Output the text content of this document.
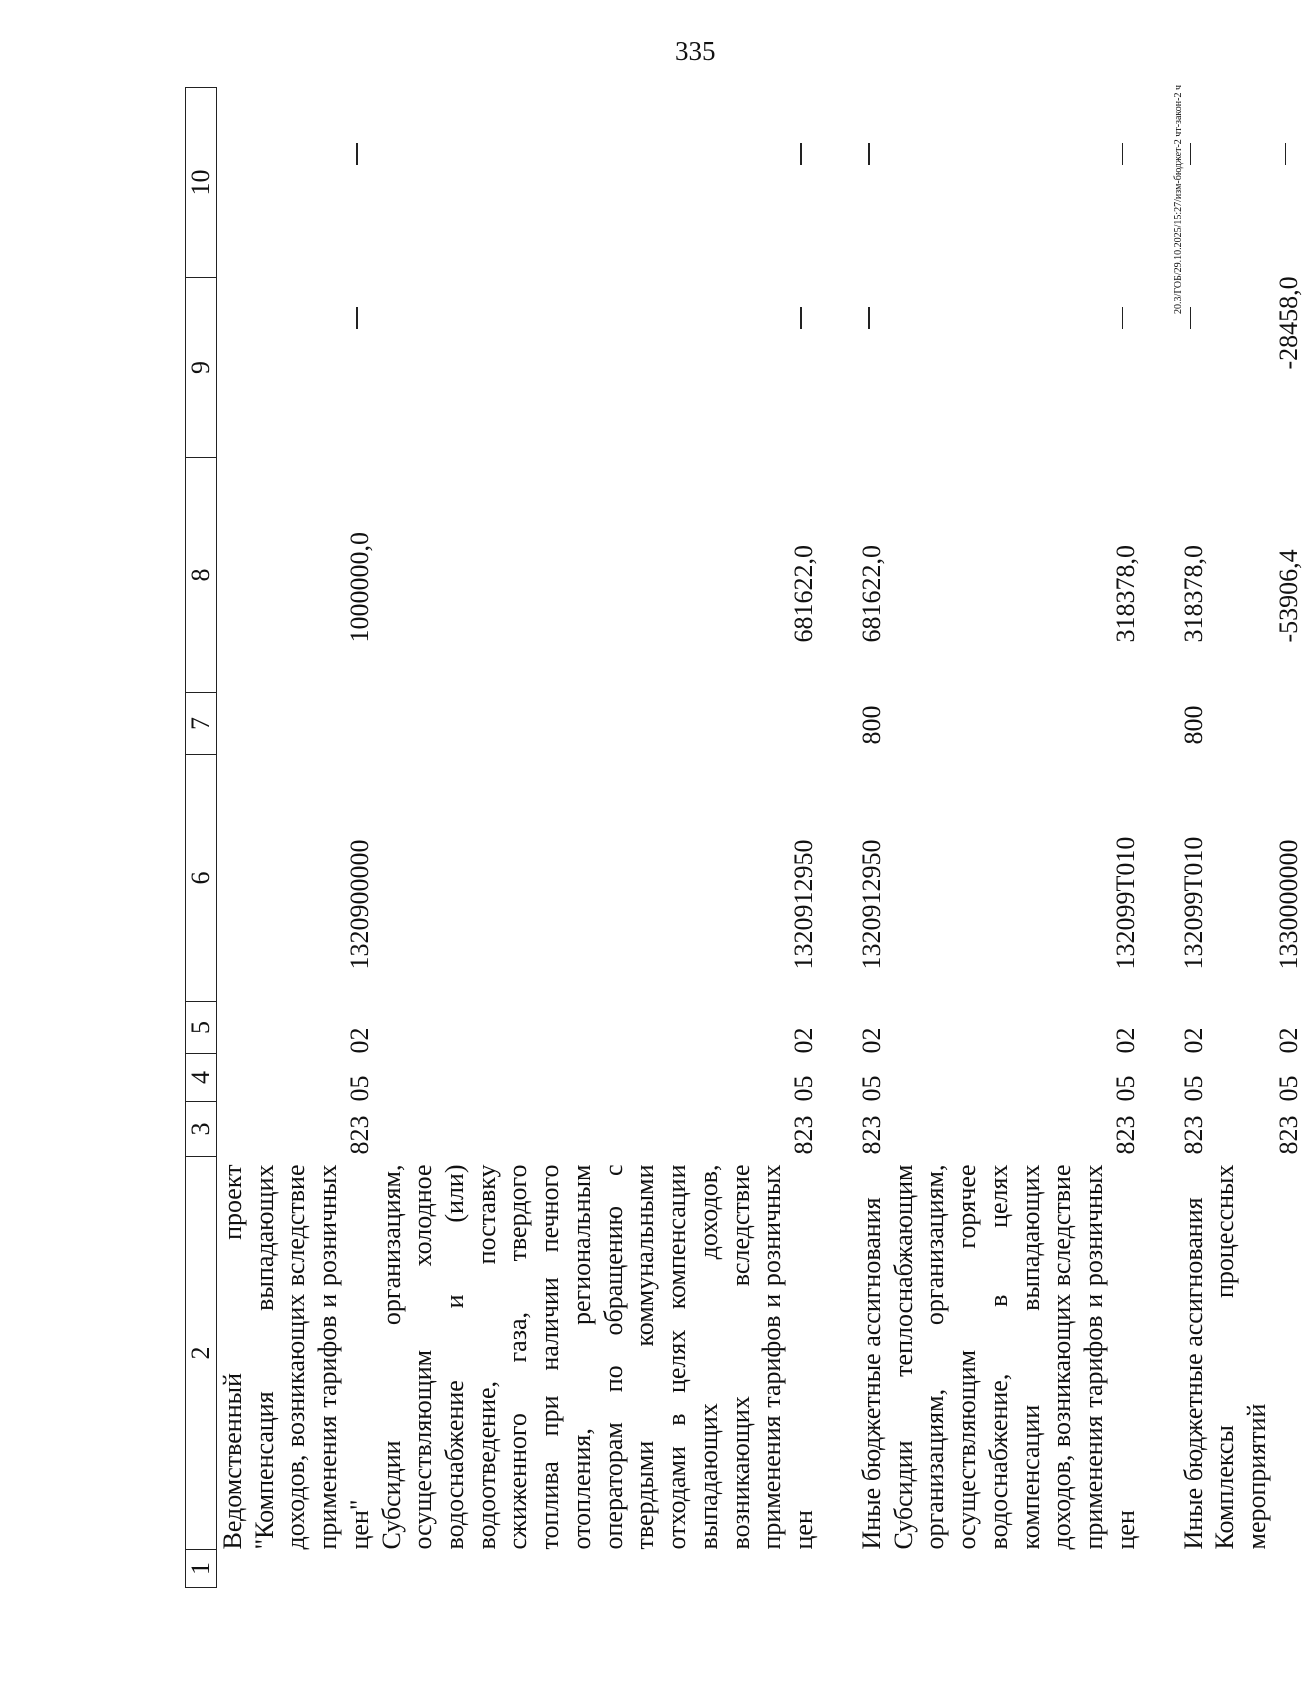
335
1	2	3	4	5	6	7	8	9	10
	Ведомственный проект "Компенсация выпадающих доходов, возникающих вследствие применения тарифов и розничных цен"	823	05	02	1320900000		1000000,0	

	Субсидии организациям, осуществляющим холодное водоснабжение и (или) водоотведение, поставку сжиженного газа, твердого топлива при наличии печного отопления, региональным операторам по обращению с твердыми коммунальными отходами в целях компенсации выпадающих доходов, возникающих вследствие применения тарифов и розничных цен	823	05	02	1320912950		681622,0	

	Иные бюджетные ассигнования	823	05	02	1320912950	800	681622,0	

	Субсидии теплоснабжающим организациям, организациям, осуществляющим горячее водоснабжение, в целях компенсации выпадающих доходов, возникающих вследствие применения тарифов и розничных цен	823	05	02	132099Т010		318378,0	

	Иные бюджетные ассигнования	823	05	02	132099Т010	800	318378,0	

	Комплексы процессных мероприятий	823	05	02	1330000000		-53906,4	-28458,0	
20.3/ГОБ/29.10.2025/15:27/изм-бюджет-2 чт-закон-2 ч
